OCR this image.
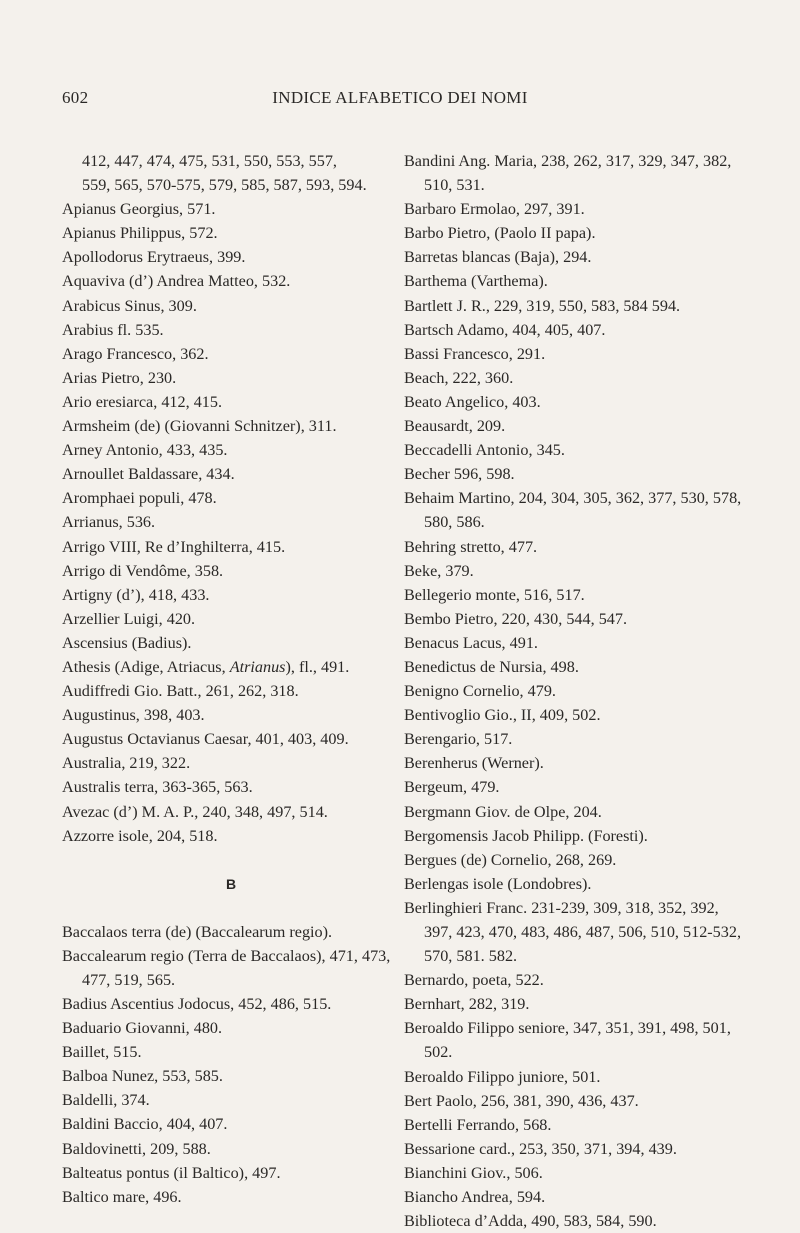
602	INDICE ALFABETICO DEI NOMI

412, 447, 474, 475, 531, 550, 553, 557,

559, 565, 570-575, 579, 585, 587, 593, 594.

Apianus Georgius, 571.

Apianus Philippus, 572.

Apollodorus Erytraeus, 399.

Aquaviva (d’) Andrea Matteo, 532.

Arabicus Sinus, 309.

Arabius fl. 535.

Arago Francesco, 362.

Arias Pietro, 230.

Ario eresiarca, 412, 415.

Armsheim (de) (Giovanni Schnitzer), 311.

Arney Antonio, 433, 435.

Arnoullet Baldassare, 434.

Aromphaei populi, 478.

Arrianus, 536.

Arrigo VIII, Re d’Inghilterra, 415.

Arrigo di Vendôme, 358.

Artigny (d’), 418, 433.

Arzellier Luigi, 420.

Ascensius (Badius).

Athesis (Adige, Atriacus, Atrianus), fl., 491.

Audiffredi Gio. Batt., 261, 262, 318.

Augustinus, 398, 403.

Augustus Octavianus Caesar, 401, 403, 409.

Australia, 219, 322.

Australis terra, 363-365, 563.

Avezac (d’) M. A. P., 240, 348, 497, 514.

Azzorre isole, 204, 518.

B

Baccalaos terra (de) (Baccalearum regio).

Baccalearum regio (Terra de Baccalaos), 471, 473, 477, 519, 565.

Badius Ascentius Jodocus, 452, 486, 515.

Baduario Giovanni, 480.

Baillet, 515.

Balboa Nunez, 553, 585.

Baldelli, 374.

Baldini Baccio, 404, 407.

Baldovinetti, 209, 588.

Balteatus pontus (il Baltico), 497.

Baltico mare, 496.

Bandini Ang. Maria, 238, 262, 317, 329, 347, 382, 510, 531.

Barbaro Ermolao, 297, 391.

Barbo Pietro, (Paolo II papa).

Barretas blancas (Baja), 294.

Barthema (Varthema).

Bartlett J. R., 229, 319, 550, 583, 584 594.

Bartsch Adamo, 404, 405, 407.

Bassi Francesco, 291.

Beach, 222, 360.

Beato Angelico, 403.

Beausardt, 209.

Beccadelli Antonio, 345.

Becher 596, 598.

Behaim Martino, 204, 304, 305, 362, 377, 530, 578, 580, 586.

Behring stretto, 477.

Beke, 379.

Bellegerio monte, 516, 517.

Bembo Pietro, 220, 430, 544, 547.

Benacus Lacus, 491.

Benedictus de Nursia, 498.

Benigno Cornelio, 479.

Bentivoglio Gio., II, 409, 502.

Berengario, 517.

Berenherus (Werner).

Bergeum, 479.

Bergmann Giov. de Olpe, 204.

Bergomensis Jacob Philipp. (Foresti).

Bergues (de) Cornelio, 268, 269.

Berlengas isole (Londobres).

Berlinghieri Franc. 231-239, 309, 318, 352, 392, 397, 423, 470, 483, 486, 487, 506, 510, 512-532, 570, 581. 582.

Bernardo, poeta, 522.

Bernhart, 282, 319.

Beroaldo Filippo seniore, 347, 351, 391, 498, 501, 502.

Beroaldo Filippo juniore, 501.

Bert Paolo, 256, 381, 390, 436, 437.

Bertelli Ferrando, 568.

Bessarione card., 253, 350, 371, 394, 439.

Bianchini Giov., 506.

Biancho Andrea, 594.

Biblioteca d’Adda, 490, 583, 584, 590.
